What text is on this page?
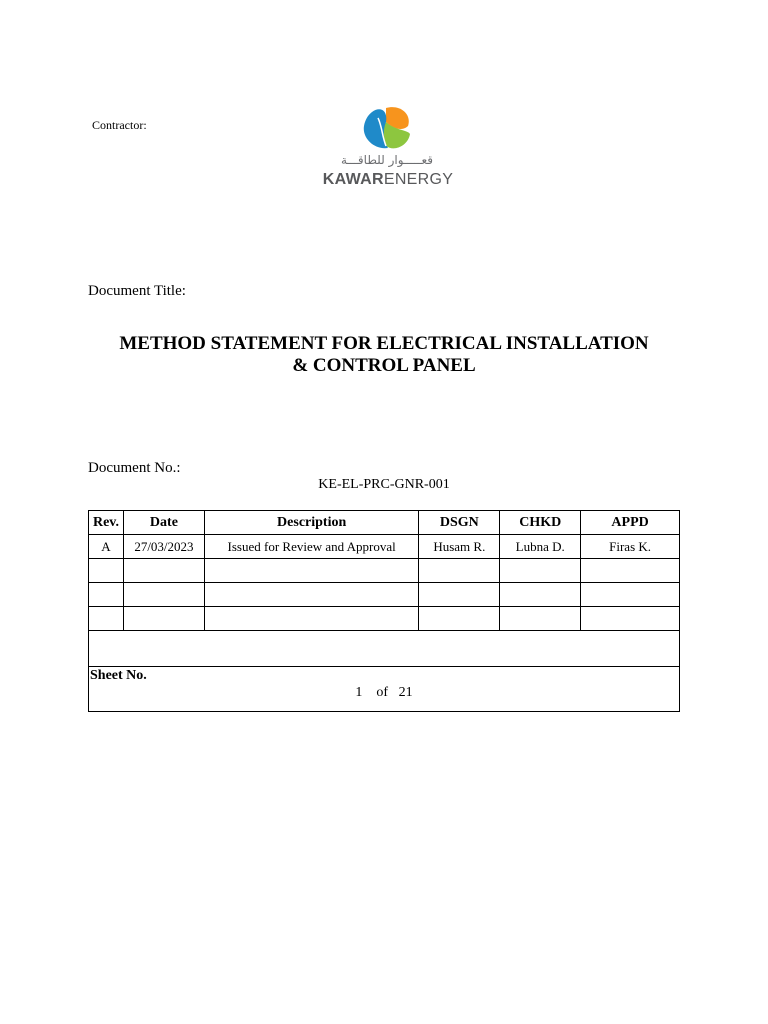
Contractor:
قعـــــوار للطاقـــة
KAWARENERGY
Document Title:
METHOD STATEMENT FOR ELECTRICAL INSTALLATION
& CONTROL PANEL
Document No.:
KE-EL-PRC-GNR-001
Rev.	Date	Description	DSGN	CHKD	APPD
A	27/03/2023	Issued for Review and Approval	Husam R.	Lubna D.	Firas K.

Sheet No.
1 of 21					
